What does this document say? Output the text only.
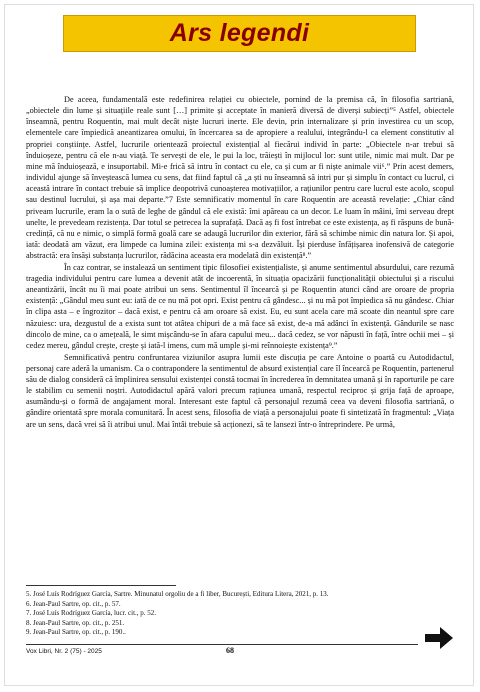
Ars legendi

De aceea, fundamentală este redefinirea relației cu obiectele, pornind de la premisa că, în filosofia sartriană, „obiectele din lume și situațiile reale sunt […] primite și acceptate în manieră diversă de diverși subiecți”⁵ Astfel, obiectele înseamnă, pentru Roquentin, mai mult decât niște lucruri inerte. Ele devin, prin internalizare și prin investirea cu un scop, elementele care împiedică aneantizarea omului, în încercarea sa de apropiere a realului, integrându-l ca element constitutiv al propriei conștiințe. Astfel, lucrurile orientează proiectul existențial al fiecărui individ în parte: „Obiectele n-ar trebui să înduioșeze, pentru că ele n-au viață. Te servești de ele, le pui la loc, trăiești în mijlocul lor: sunt utile, nimic mai mult. Dar pe mine mă înduioșează, e insuportabil. Mi-e frică să intru în contact cu ele, ca și cum ar fi niște animale vii⁶.” Prin acest demers, individul ajunge să înveștească lumea cu sens, dat fiind faptul că „a ști nu înseamnă să intri pur și simplu în contact cu lucrul, ci această intrare în contact trebuie să implice deopotrivă cunoașterea motivațiilor, a rațiunilor pentru care lucrul este acolo, scopul sau destinul lucrului, și așa mai departe.”7 Este semnificativ momentul în care Roquentin are această revelație: „Chiar când priveam lucrurile, eram la o sută de leghe de gândul că ele există: îmi apăreau ca un decor. Le luam în mâini, îmi serveau drept unelte, le prevedeam rezistența. Dar totul se petrecea la suprafață. Dacă aș fi fost întrebat ce este existența, aș fi răspuns de bună-credință, că nu e nimic, o simplă formă goală care se adaugă lucrurilor din exterior, fără să schimbe nimic din natura lor. Și apoi, iată: deodată am văzut, era limpede ca lumina zilei: existența mi s-a dezvăluit. Își pierduse înfățișarea inofensivă de categorie abstractă: era însăși substanța lucrurilor, rădăcina aceasta era modelată din existență⁸.”

În caz contrar, se instalează un sentiment tipic filosofiei existențialiste, și anume sentimentul absurdului, care rezumă tragedia individului pentru care lumea a devenit atât de incoerentă, în situația opacizării funcționalității obiectului și a riscului aneantizării, încât nu îi mai poate atribui un sens. Sentimentul îl încearcă și pe Roquentin atunci când are oroare de propria existență: „Gândul meu sunt eu: iată de ce nu mă pot opri. Exist pentru că gândesc... și nu mă pot împiedica să nu gândesc. Chiar în clipa asta – e îngrozitor – dacă exist, e pentru că am oroare să exist. Eu, eu sunt acela care mă scoate din neantul spre care năzuiesc: ura, dezgustul de a exista sunt tot atâtea chipuri de a mă face să exist, de-a mă adânci în existență. Gândurile se nasc dincolo de mine, ca o amețeală, le simt mișcându-se în afara capului meu... dacă cedez, se vor năpusti în față, între ochii mei – și cedez mereu, gândul crește, crește și iată-l imens, cum mă umple și-mi reînnoiește existența⁹.”

Semnificativă pentru confruntarea viziunilor asupra lumii este discuția pe care Antoine o poartă cu Autodidactul, personaj care aderă la umanism. Ca o contrapondere la sentimentul de absurd existențial care îl încearcă pe Roquentin, partenerul său de dialog consideră că împlinirea sensului existenței constă tocmai în încrederea în demnitatea umană și în raporturile pe care le stabilim cu semenii noștri. Autodidactul apără valori precum rațiunea umană, respectul reciproc și grija față de aproape, asumându-și o formă de angajament moral. Interesant este faptul că personajul rezumă ceea va deveni filosofia sartriană, o gândire orientată spre morala comunitară. În acest sens, filosofia de viață a personajului poate fi sintetizată în fragmentul: „Viața are un sens, dacă vrei să îi atribui unul. Mai întâi trebuie să acționezi, să te lansezi într-o întreprindere. Pe urmă,

5. José Luís Rodríguez García, Sartre. Minunatul orgoliu de a fi liber, București, Editura Litera, 2021, p. 13.
6. Jean-Paul Sartre, op. cit., p. 57.
7. José Luís Rodríguez García, lucr. cit., p. 52.
8. Jean-Paul Sartre, op. cit., p. 251.
9. Jean-Paul Sartre, op. cit., p. 190..
Vox Libri, Nr. 2 (75) - 2025	68
